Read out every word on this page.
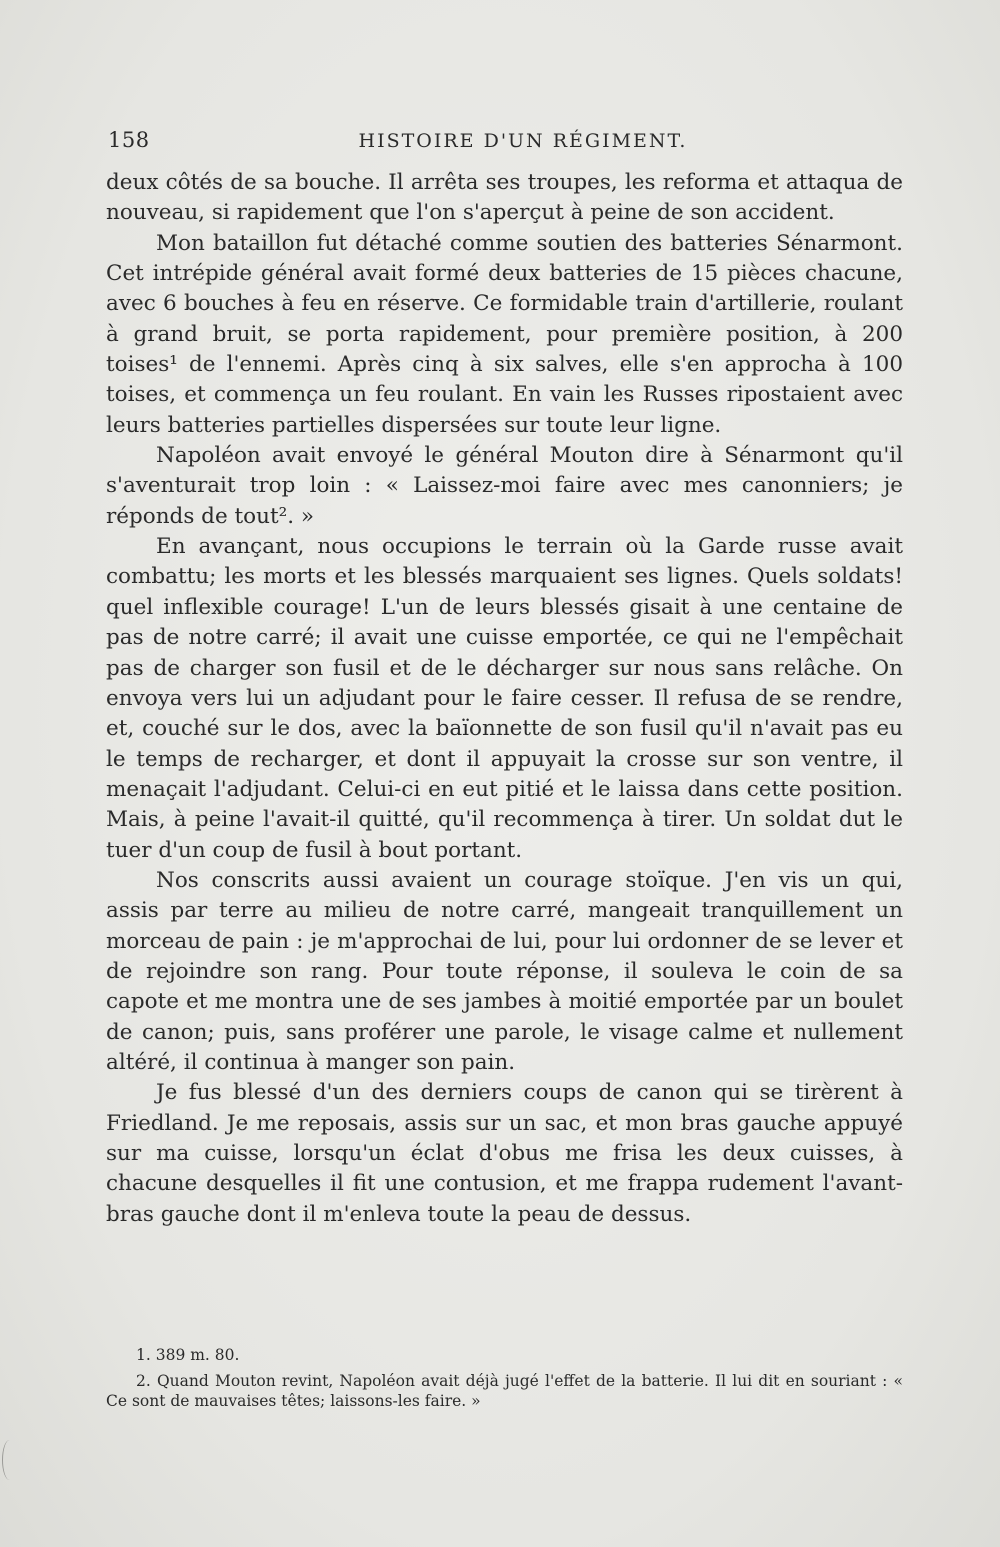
158	HISTOIRE D'UN RÉGIMENT.

deux côtés de sa bouche. Il arrêta ses troupes, les reforma et attaqua de nouveau, si rapidement que l'on s'aperçut à peine de son accident.

Mon bataillon fut détaché comme soutien des batteries Sénarmont. Cet intrépide général avait formé deux batteries de 15 pièces chacune, avec 6 bouches à feu en réserve. Ce formidable train d'artillerie, roulant à grand bruit, se porta rapidement, pour première position, à 200 toises¹ de l'ennemi. Après cinq à six salves, elle s'en approcha à 100 toises, et commença un feu roulant. En vain les Russes ripostaient avec leurs batteries partielles dispersées sur toute leur ligne.

Napoléon avait envoyé le général Mouton dire à Sénarmont qu'il s'aventurait trop loin : « Laissez-moi faire avec mes canonniers; je réponds de tout². »

En avançant, nous occupions le terrain où la Garde russe avait combattu; les morts et les blessés marquaient ses lignes. Quels soldats! quel inflexible courage! L'un de leurs blessés gisait à une centaine de pas de notre carré; il avait une cuisse emportée, ce qui ne l'empêchait pas de charger son fusil et de le décharger sur nous sans relâche. On envoya vers lui un adjudant pour le faire cesser. Il refusa de se rendre, et, couché sur le dos, avec la baïonnette de son fusil qu'il n'avait pas eu le temps de recharger, et dont il appuyait la crosse sur son ventre, il menaçait l'adjudant. Celui-ci en eut pitié et le laissa dans cette position. Mais, à peine l'avait-il quitté, qu'il recommença à tirer. Un soldat dut le tuer d'un coup de fusil à bout portant.

Nos conscrits aussi avaient un courage stoïque. J'en vis un qui, assis par terre au milieu de notre carré, mangeait tranquillement un morceau de pain : je m'approchai de lui, pour lui ordonner de se lever et de rejoindre son rang. Pour toute réponse, il souleva le coin de sa capote et me montra une de ses jambes à moitié emportée par un boulet de canon; puis, sans proférer une parole, le visage calme et nullement altéré, il continua à manger son pain.

Je fus blessé d'un des derniers coups de canon qui se tirèrent à Friedland. Je me reposais, assis sur un sac, et mon bras gauche appuyé sur ma cuisse, lorsqu'un éclat d'obus me frisa les deux cuisses, à chacune desquelles il fit une contusion, et me frappa rudement l'avant-bras gauche dont il m'enleva toute la peau de dessus.

1. 389 m. 80.

2. Quand Mouton revint, Napoléon avait déjà jugé l'effet de la batterie. Il lui dit en souriant : « Ce sont de mauvaises têtes; laissons-les faire. »
